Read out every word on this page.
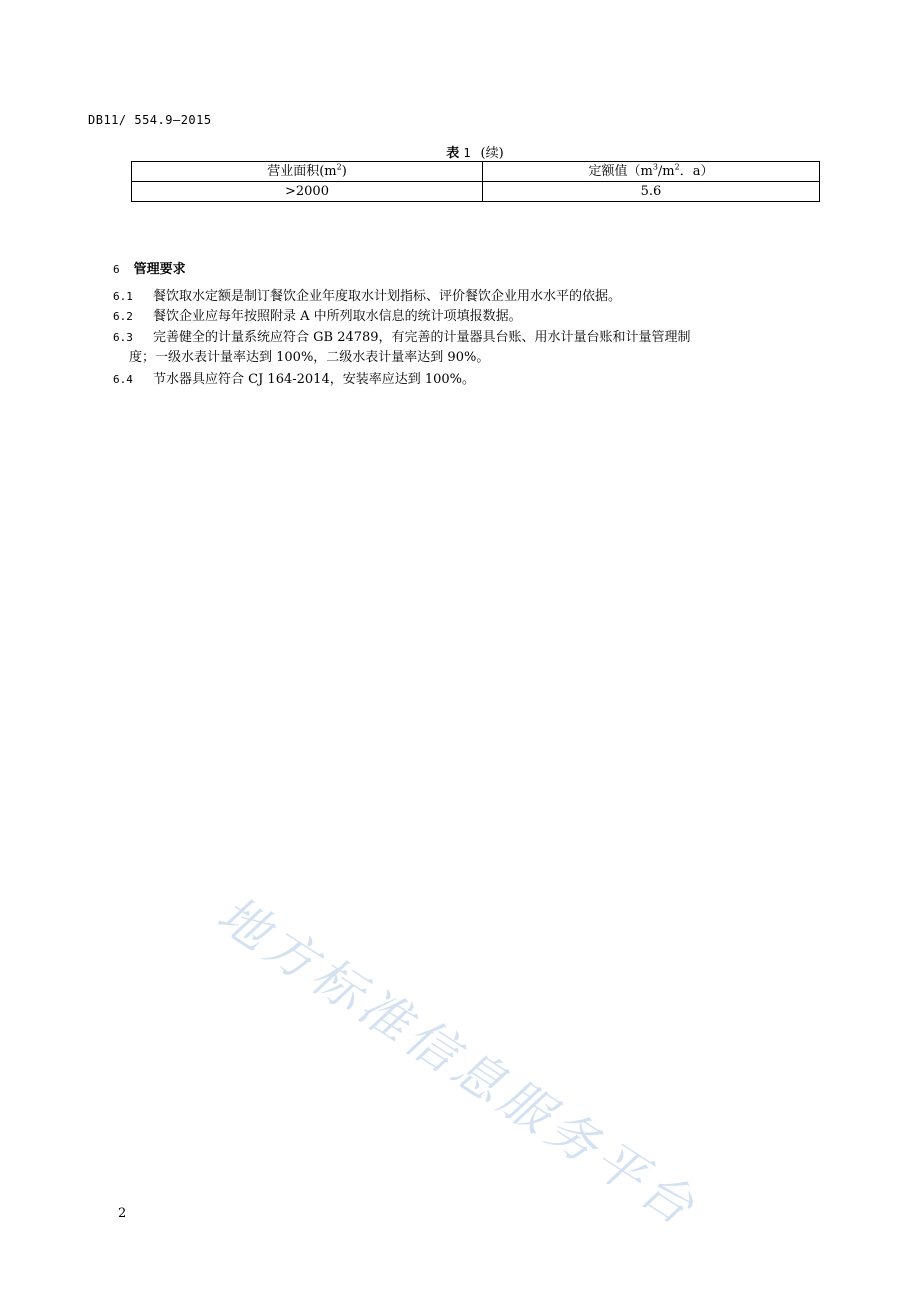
DB11/ 554.9—2015
表 1 (续)
营业面积$(m^2)$	定额值（$m^3/m^2$．a）
>2000	5.6
6 管理要求
6.1 餐饮取水定额是制订餐饮企业年度取水计划指标、评价餐饮企业用水水平的依据。
6.2 餐饮企业应每年按照附录 A 中所列取水信息的统计项填报数据。
6.3 完善健全的计量系统应符合 GB 24789，有完善的计量器具台账、用水计量台账和计量管理制
度；一级水表计量率达到 100%，二级水表计量率达到 90%。
6.4 节水器具应符合 CJ 164-2014，安装率应达到 100%。
地方标准信息服务平台
2
